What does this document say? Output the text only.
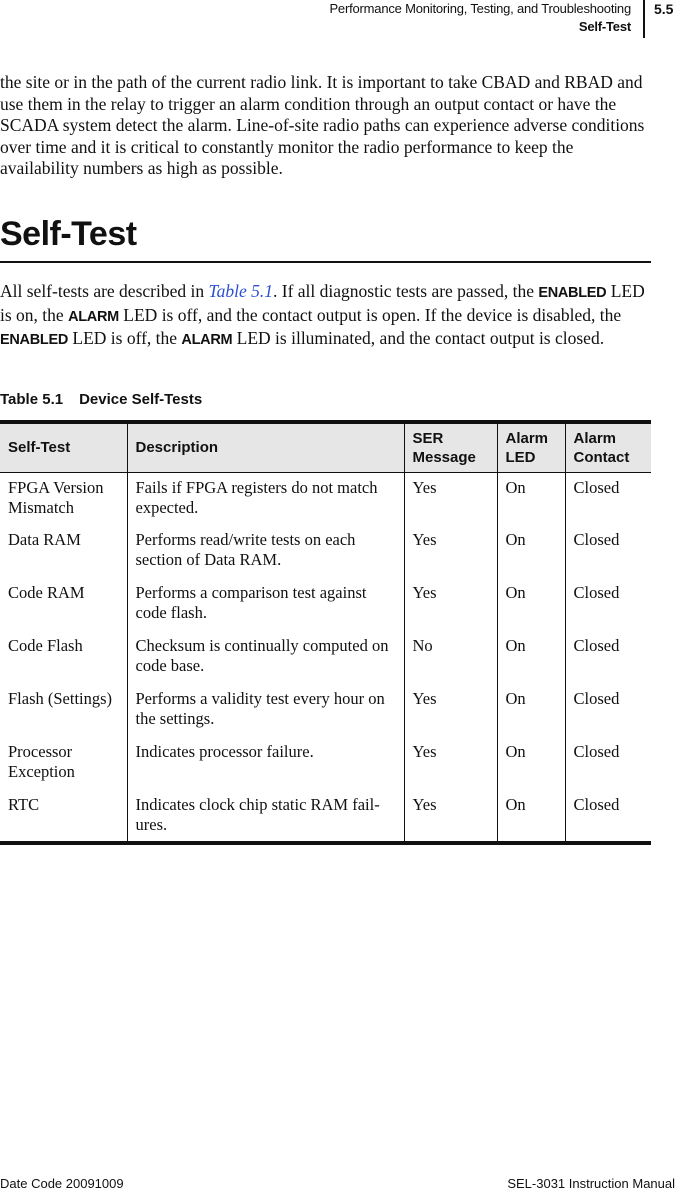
Performance Monitoring, Testing, and Troubleshooting
Self-Test
5.5

the site or in the path of the current radio link. It is important to take CBAD and RBAD and use them in the relay to trigger an alarm condition through an output contact or have the SCADA system detect the alarm. Line-of-site radio paths can experience adverse conditions over time and it is critical to constantly monitor the radio performance to keep the availability numbers as high as possible.

Self-Test

All self-tests are described in Table 5.1. If all diagnostic tests are passed, the ENABLED LED is on, the ALARM LED is off, and the contact output is open. If the device is disabled, the ENABLED LED is off, the ALARM LED is illuminated, and the contact output is closed.

Table 5.1 Device Self-Tests
Self-Test	Description	SER Message	Alarm LED	Alarm Contact
FPGA Version Mismatch	Fails if FPGA registers do not match expected.	Yes	On	Closed
Data RAM	Performs read/write tests on each section of Data RAM.	Yes	On	Closed
Code RAM	Performs a comparison test against code flash.	Yes	On	Closed
Code Flash	Checksum is continually computed on code base.	No	On	Closed
Flash (Settings)	Performs a validity test every hour on the settings.	Yes	On	Closed
Processor Exception	Indicates processor failure.	Yes	On	Closed
RTC	Indicates clock chip static RAM fail-ures.	Yes	On	Closed
Date Code 20091009	SEL-3031 Instruction Manual
